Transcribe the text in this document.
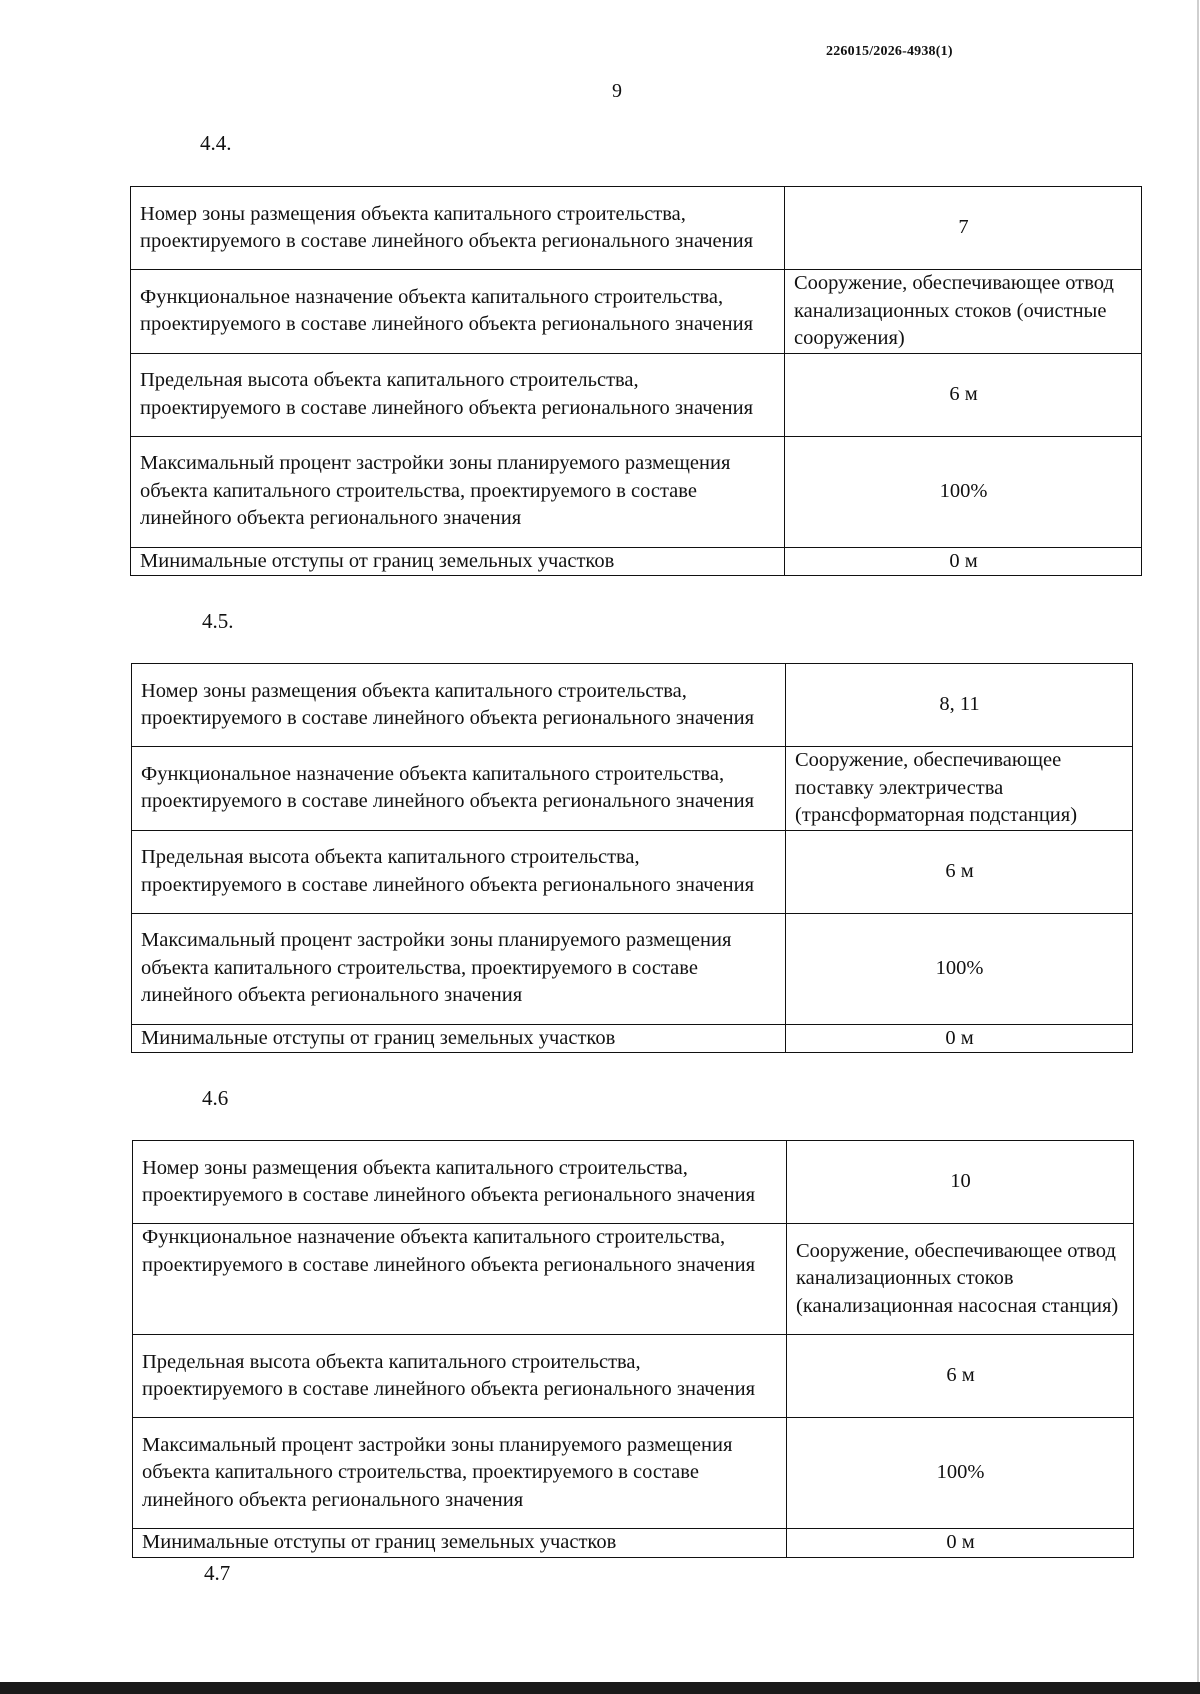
226015/2026-4938(1)
9
4.4.
Номер зоны размещения объекта капитального строительства, проектируемого в составе линейного объекта регионального значения	7
Функциональное назначение объекта капитального строительства, проектируемого в составе линейного объекта регионального значения	Сооружение, обеспечивающее отвод канализационных стоков (очистные сооружения)
Предельная высота объекта капитального строительства, проектируемого в составе линейного объекта регионального значения	6 м
Максимальный процент застройки зоны планируемого размещения объекта капитального строительства, проектируемого в составе линейного объекта регионального значения	100%
Минимальные отступы от границ земельных участков	0 м
4.5.
Номер зоны размещения объекта капитального строительства, проектируемого в составе линейного объекта регионального значения	8, 11
Функциональное назначение объекта капитального строительства, проектируемого в составе линейного объекта регионального значения	Сооружение, обеспечивающее поставку электричества (трансформаторная подстанция)
Предельная высота объекта капитального строительства, проектируемого в составе линейного объекта регионального значения	6 м
Максимальный процент застройки зоны планируемого размещения объекта капитального строительства, проектируемого в составе линейного объекта регионального значения	100%
Минимальные отступы от границ земельных участков	0 м
4.6
Номер зоны размещения объекта капитального строительства, проектируемого в составе линейного объекта регионального значения	10
Функциональное назначение объекта капитального строительства, проектируемого в составе линейного объекта регионального значения	Сооружение, обеспечивающее отвод канализационных стоков (канализационная насосная станция)
Предельная высота объекта капитального строительства, проектируемого в составе линейного объекта регионального значения	6 м
Максимальный процент застройки зоны планируемого размещения объекта капитального строительства, проектируемого в составе линейного объекта регионального значения	100%
Минимальные отступы от границ земельных участков	0 м
4.7
